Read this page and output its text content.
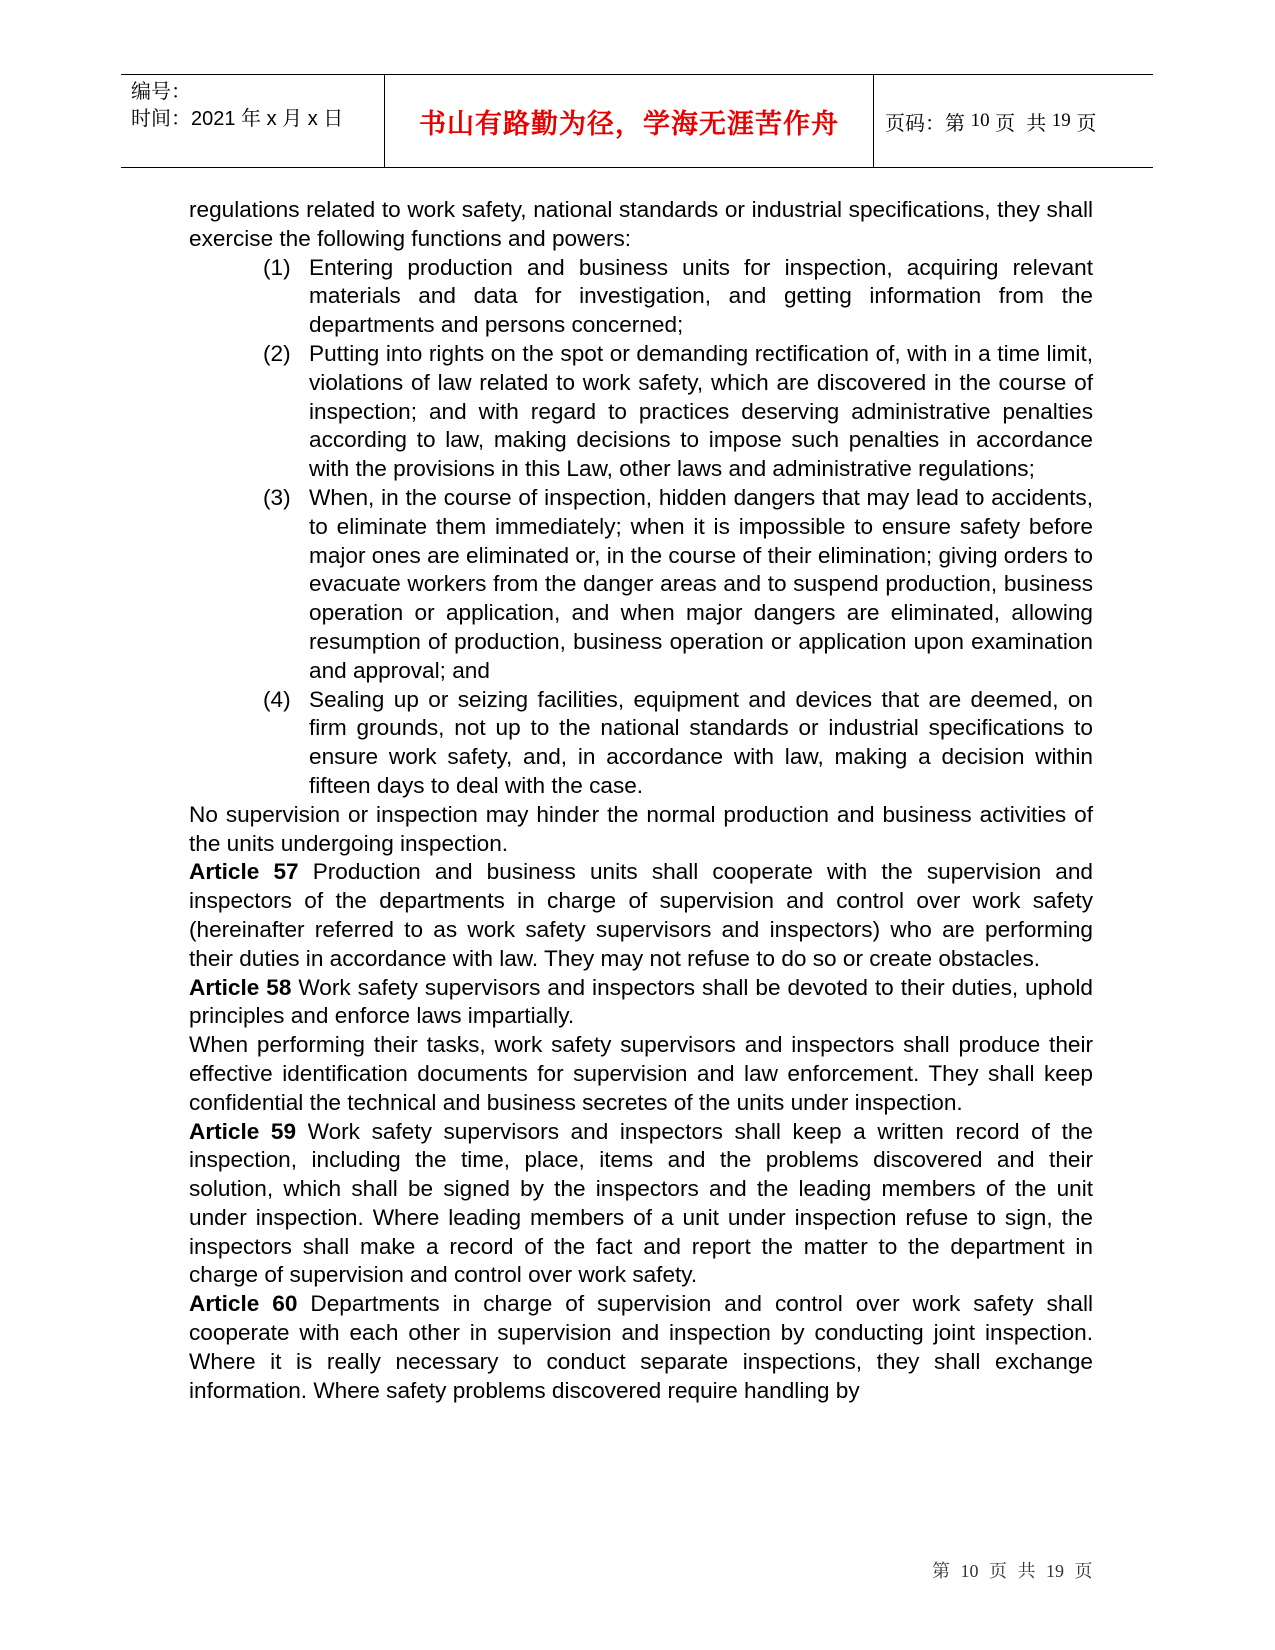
编号：
时间：2021 年 x 月 x 日	书山有路勤为径，学海无涯苦作舟 页码：第 10 页  共 19 页

regulations related to work safety, national standards or industrial specifications, they shall exercise the following functions and powers:

(1) Entering production and business units for inspection, acquiring relevant materials and data for investigation, and getting information from the departments and persons concerned;
(2) Putting into rights on the spot or demanding rectification of, with in a time limit, violations of law related to work safety, which are discovered in the course of inspection; and with regard to practices deserving administrative penalties according to law, making decisions to impose such penalties in accordance with the provisions in this Law, other laws and administrative regulations;
(3) When, in the course of inspection, hidden dangers that may lead to accidents, to eliminate them immediately; when it is impossible to ensure safety before major ones are eliminated or, in the course of their elimination; giving orders to evacuate workers from the danger areas and to suspend production, business operation or application, and when major dangers are eliminated, allowing resumption of production, business operation or application upon examination and approval; and
(4) Sealing up or seizing facilities, equipment and devices that are deemed, on firm grounds, not up to the national standards or industrial specifications to ensure work safety, and, in accordance with law, making a decision within fifteen days to deal with the case.

No supervision or inspection may hinder the normal production and business activities of the units undergoing inspection.

Article 57 Production and business units shall cooperate with the supervision and inspectors of the departments in charge of supervision and control over work safety (hereinafter referred to as work safety supervisors and inspectors) who are performing their duties in accordance with law. They may not refuse to do so or create obstacles.

Article 58 Work safety supervisors and inspectors shall be devoted to their duties, uphold principles and enforce laws impartially.

When performing their tasks, work safety supervisors and inspectors shall produce their effective identification documents for supervision and law enforcement. They shall keep confidential the technical and business secretes of the units under inspection.

Article 59 Work safety supervisors and inspectors shall keep a written record of the inspection, including the time, place, items and the problems discovered and their solution, which shall be signed by the inspectors and the leading members of the unit under inspection. Where leading members of a unit under inspection refuse to sign, the inspectors shall make a record of the fact and report the matter to the department in charge of supervision and control over work safety.

Article 60 Departments in charge of supervision and control over work safety shall cooperate with each other in supervision and inspection by conducting joint inspection. Where it is really necessary to conduct separate inspections, they shall exchange information. Where safety problems discovered require handling by

第 10 页 共 19 页
